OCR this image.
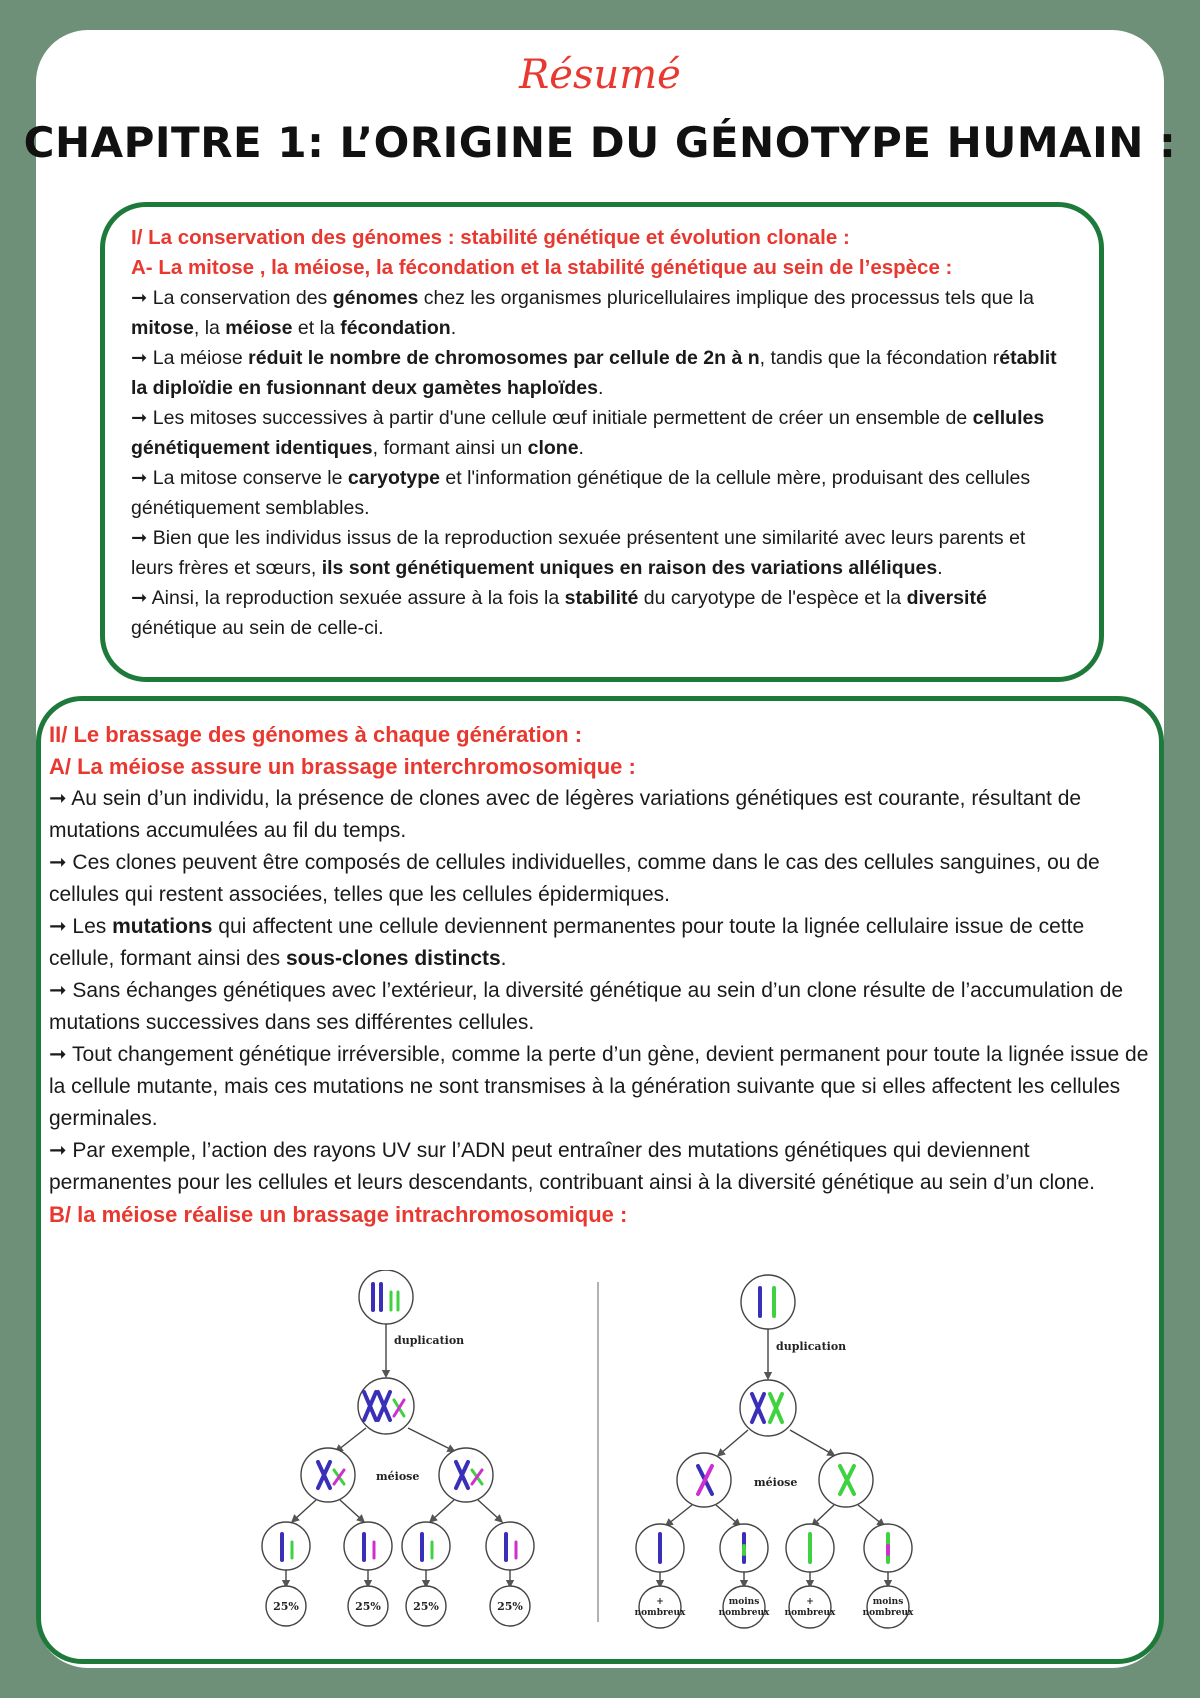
Résumé

CHAPITRE 1: L’ORIGINE DU GÉNOTYPE HUMAIN :

I/ La conservation des génomes : stabilité génétique et évolution clonale :

A- La mitose , la méiose, la fécondation et la stabilité génétique au sein de l’espèce :

➞ La conservation des génomes chez les organismes pluricellulaires implique des processus tels que la mitose, la méiose et la fécondation.

➞ La méiose réduit le nombre de chromosomes par cellule de 2n à n, tandis que la fécondation rétablit la diploïdie en fusionnant deux gamètes haploïdes.

➞ Les mitoses successives à partir d'une cellule œuf initiale permettent de créer un ensemble de cellules génétiquement identiques, formant ainsi un clone.

➞ La mitose conserve le caryotype et l'information génétique de la cellule mère, produisant des cellules génétiquement semblables.

➞ Bien que les individus issus de la reproduction sexuée présentent une similarité avec leurs parents et leurs frères et sœurs, ils sont génétiquement uniques en raison des variations alléliques.

➞ Ainsi, la reproduction sexuée assure à la fois la stabilité du caryotype de l'espèce et la diversité génétique au sein de celle-ci.

II/ Le brassage des génomes à chaque génération :

A/ La méiose assure un brassage interchromosomique :

➞ Au sein d’un individu, la présence de clones avec de légères variations génétiques est courante, résultant de mutations accumulées au fil du temps.

➞ Ces clones peuvent être composés de cellules individuelles, comme dans le cas des cellules sanguines, ou de cellules qui restent associées, telles que les cellules épidermiques.

➞ Les mutations qui affectent une cellule deviennent permanentes pour toute la lignée cellulaire issue de cette cellule, formant ainsi des sous-clones distincts.

➞ Sans échanges génétiques avec l’extérieur, la diversité génétique au sein d’un clone résulte de l’accumulation de mutations successives dans ses différentes cellules.

➞ Tout changement génétique irréversible, comme la perte d’un gène, devient permanent pour toute la lignée issue de la cellule mutante, mais ces mutations ne sont transmises à la génération suivante que si elles affectent les cellules germinales.

➞ Par exemple, l’action des rayons UV sur l’ADN peut entraîner des mutations génétiques qui deviennent permanentes pour les cellules et leurs descendants, contribuant ainsi à la diversité génétique au sein d’un clone.

B/ la méiose réalise un brassage intrachromosomique :

duplication
méiose
25%	25%	25%	25%
duplication
méiose
+
nombreux
moins
nombreux
+
nombreux
moins
nombreux
